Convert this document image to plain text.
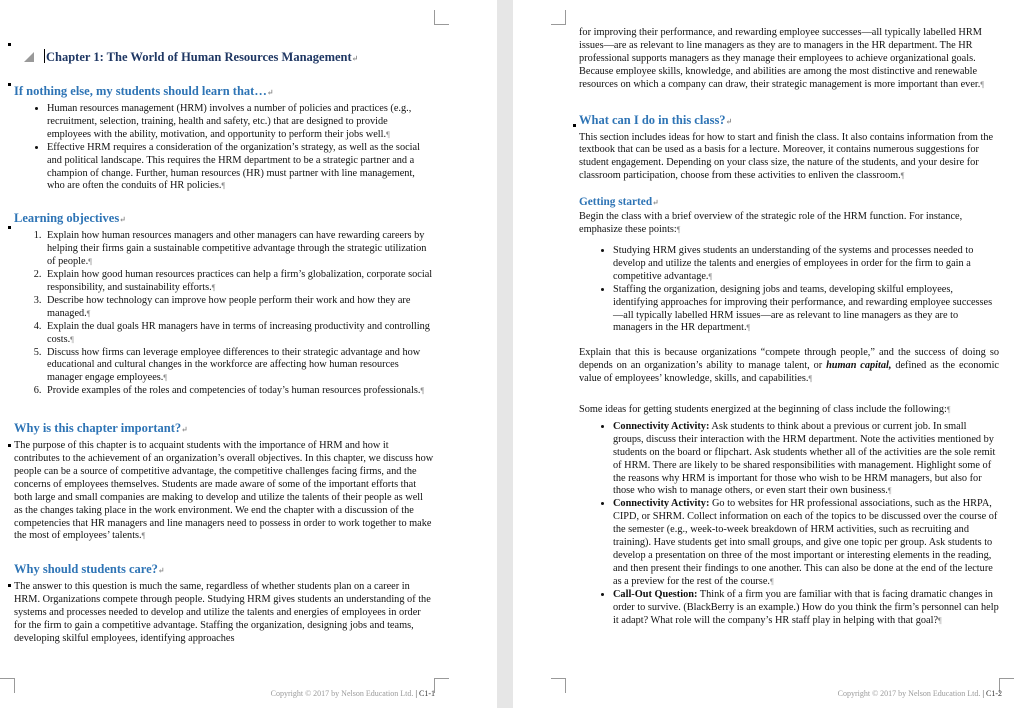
Chapter 1: The World of Human Resources Management↵
If nothing else, my students should learn that…↵
• Human resources management (HRM) involves a number of policies and practices (e.g., recruitment, selection, training, health and safety, etc.) that are designed to provide employees with the ability, motivation, and opportunity to perform their jobs well.¶
• Effective HRM requires a consideration of the organization’s strategy, as well as the social and political landscape. This requires the HRM department to be a strategic partner and a champion of change. Further, human resources (HR) must partner with line management, who are often the conduits of HR policies.¶
Learning objectives↵
1. Explain how human resources managers and other managers can have rewarding careers by helping their firms gain a sustainable competitive advantage through the strategic utilization of people.¶
2. Explain how good human resources practices can help a firm’s globalization, corporate social responsibility, and sustainability efforts.¶
3. Describe how technology can improve how people perform their work and how they are managed.¶
4. Explain the dual goals HR managers have in terms of increasing productivity and controlling costs.¶
5. Discuss how firms can leverage employee differences to their strategic advantage and how educational and cultural changes in the workforce are affecting how human resources manager engage employees.¶
6. Provide examples of the roles and competencies of today’s human resources professionals.¶
Why is this chapter important?↵

The purpose of this chapter is to acquaint students with the importance of HRM and how it contributes to the achievement of an organization’s overall objectives. In this chapter, we discuss how people can be a source of competitive advantage, the competitive challenges facing firms, and the concerns of employees themselves. Students are made aware of some of the important efforts that both large and small companies are making to develop and utilize the talents of their people as well as the changes taking place in the work environment. We end the chapter with a discussion of the competencies that HR managers and line managers need to possess in order to work together to make the most of employees’ talents.¶

Why should students care?↵

The answer to this question is much the same, regardless of whether students plan on a career in HRM. Organizations compete through people. Studying HRM gives students an understanding of the systems and processes needed to develop and utilize the talents and energies of employees in order for the firm to gain a competitive advantage. Staffing the organization, designing jobs and teams, developing skilful employees, identifying approaches

Copyright © 2017 by Nelson Education Ltd. | C1-1

for improving their performance, and rewarding employee successes—all typically labelled HRM issues—are as relevant to line managers as they are to managers in the HR department. The HR professional supports managers as they manage their employees to achieve organizational goals. Because employee skills, knowledge, and abilities are among the most distinctive and renewable resources on which a company can draw, their strategic management is more important than ever.¶

What can I do in this class?↵

This section includes ideas for how to start and finish the class. It also contains information from the textbook that can be used as a basis for a lecture. Moreover, it contains numerous suggestions for student engagement. Depending on your class size, the nature of the students, and your desire for classroom participation, choose from these activities to enliven the classroom.¶

Getting started↵

Begin the class with a brief overview of the strategic role of the HRM function. For instance, emphasize these points:¶

• Studying HRM gives students an understanding of the systems and processes needed to develop and utilize the talents and energies of employees in order for the firm to gain a competitive advantage.¶
• Staffing the organization, designing jobs and teams, developing skilful employees, identifying approaches for improving their performance, and rewarding employee successes—all typically labelled HRM issues—are as relevant to line managers as they are to managers in the HR department.¶

Explain that this is because organizations “compete through people,” and the success of doing so depends on an organization’s ability to manage talent, or human capital, defined as the economic value of employees’ knowledge, skills, and capabilities.¶

Some ideas for getting students energized at the beginning of class include the following:¶

• Connectivity Activity: Ask students to think about a previous or current job. In small groups, discuss their interaction with the HRM department. Note the activities mentioned by students on the board or flipchart. Ask students whether all of the activities are the sole remit of HRM. There are likely to be shared responsibilities with management. Highlight some of the reasons why HRM is important for those who wish to be HRM managers, but also for those who wish to manage others, or even start their own business.¶
• Connectivity Activity: Go to websites for HR professional associations, such as the HRPA, CIPD, or SHRM. Collect information on each of the topics to be discussed over the course of the semester (e.g., week-to-week breakdown of HRM activities, such as recruiting and training). Have students get into small groups, and give one topic per group. Ask students to develop a presentation on three of the most important or interesting elements in the reading, and then present their findings to one another. This can also be done at the end of the lecture as a preview for the rest of the course.¶
• Call-Out Question: Think of a firm you are familiar with that is facing dramatic changes in order to survive. (BlackBerry is an example.) How do you think the firm’s personnel can help it adapt? What role will the company’s HR staff play in helping with that goal?¶
Copyright © 2017 by Nelson Education Ltd. | C1-2
